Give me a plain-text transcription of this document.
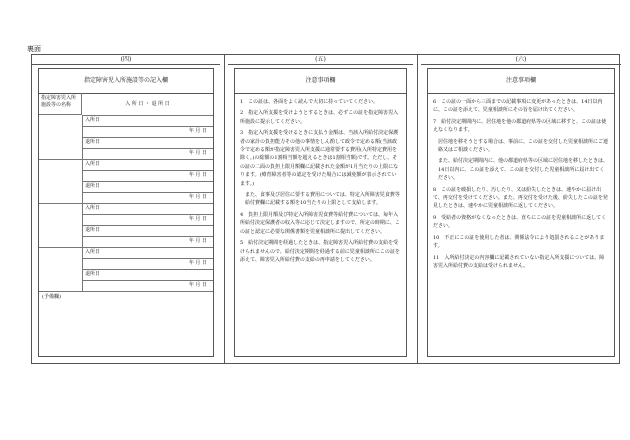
裏面
(四)
指定障害児入所施設等の記入欄
指定障害児入所施設等の名称	入 所 日 ・ 退 所 日
入所日
年 月 日
退所日
年 月 日
入所日
年 月 日
退所日
年 月 日
入所日
年 月 日
退所日
年 月 日
入所日
年 月 日
退所日
年 月 日
(予備欄)
(五)
注意事項欄

1　この証は、各面をよく読んで大切に持っていてください。

2　指定入所支援を受けようとするときは、必ずこの証を指定障害児入所施設に提示してください。

3　指定入所支援を受けるときに支払う金額は、当該入所給付決定保護者の家計の負担能力その他の事情をしん酌して政令で定める額(当該政令で定める額が指定障害児入所支援に通常要する費用(入所特定費用を除く。)の総額の1割相当額を超えるときは1割相当額)です。ただし、その証の二面の負担上限月額欄に記載された金額が1月当たりの上限になります。(療育障害者等の認定を受けた場合には減免額が表示されています。)

また、食事及び居住に要する費用については、特定入所障害児食費等給付費欄に記載する額を10当たりの上限として支給します。

4　負担上限月額及び特定入所障害児食費等給付費については、毎年入所給付決定保護者の収入等に応じて決定しますので、所定の時期に、この証と認定に必要な関係書類を児童相談所に提出してください。

5　給付決定期間を経過したときは、指定障害児入所給付費の支給を受けられませんので、給付決定期間を経過する前に児童相談所にこの証を添えて、障害児入所給付費の支給の再申請をしてください。

(六)
注意事項欄

6　この証の一面から三面までの記載事項に変更があったときは、14日以内に、この証を添えて、児童相談所にその旨を届け出てください。

7　給付決定期間内に、居住地を他の都道府県等の区域に移すと、この証は使えなくなります。

居住地を移そうとする場合は、事前に、この証を交付した児童相談所にご連絡又はご相談ください。

また、給付決定期間内に、他の都道府県等の区域に居住地を移したときは、14日以内に、この証を添えて、この証を交付した児童相談所に届け出てください。

8　この証を破損したり、汚したり、又は紛失したときは、速やかに届け出て、再交付を受けてください。また、再交付を受けた後、紛失したこの証を発見したときは、速やかに児童相談所に返してください。

9　受給者の資格がなくなったときは、直ちにこの証を児童相談所に返してください。

10　不正にこの証を使用した者は、関係法令により処罰されることがあります。

11　入所給付決定の内容欄に記載されていない指定入所支援については、障害児入所給付費の支給は受けられません。
